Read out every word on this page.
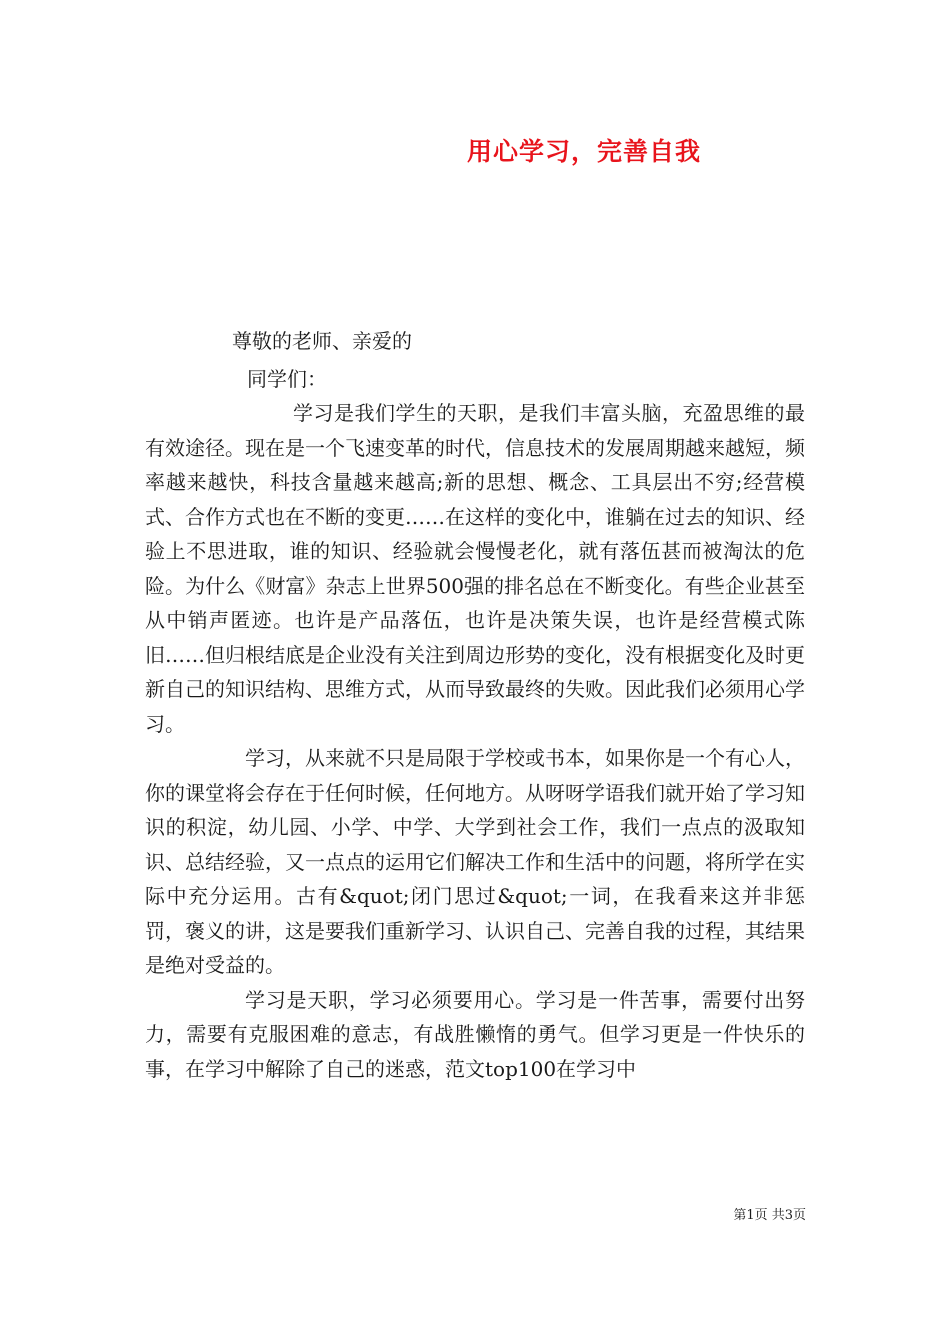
用心学习，完善自我
尊敬的老师、亲爱的
同学们：

学习是我们学生的天职，是我们丰富头脑，充盈思维的最有效途径。现在是一个飞速变革的时代，信息技术的发展周期越来越短，频率越来越快，科技含量越来越高;新的思想、概念、工具层出不穷;经营模式、合作方式也在不断的变更……在这样的变化中，谁躺在过去的知识、经验上不思进取，谁的知识、经验就会慢慢老化，就有落伍甚而被淘汰的危险。为什么《财富》杂志上世界500强的排名总在不断变化。有些企业甚至从中销声匿迹。也许是产品落伍，也许是决策失误，也许是经营模式陈旧……但归根结底是企业没有关注到周边形势的变化，没有根据变化及时更新自己的知识结构、思维方式，从而导致最终的失败。因此我们必须用心学习。

学习，从来就不只是局限于学校或书本，如果你是一个有心人，你的课堂将会存在于任何时候，任何地方。从呀呀学语我们就开始了学习知识的积淀，幼儿园、小学、中学、大学到社会工作，我们一点点的汲取知识、总结经验，又一点点的运用它们解决工作和生活中的问题，将所学在实际中充分运用。古有&quot;闭门思过&quot;一词，在我看来这并非惩罚，褒义的讲，这是要我们重新学习、认识自己、完善自我的过程，其结果是绝对受益的。

学习是天职，学习必须要用心。学习是一件苦事，需要付出努力，需要有克服困难的意志，有战胜懒惰的勇气。但学习更是一件快乐的事，在学习中解除了自己的迷惑，范文top100在学习中

第1页 共3页
